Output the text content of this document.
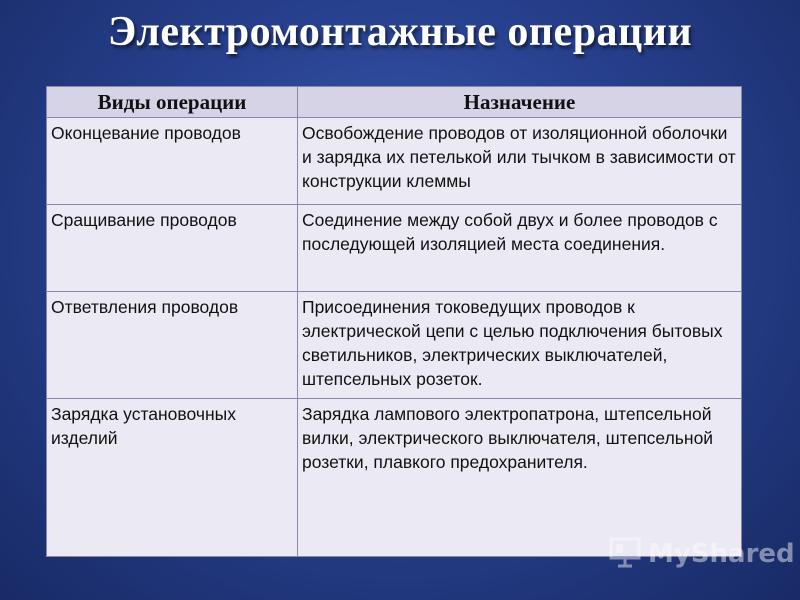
Электромонтажные операции
Виды операции	Назначение
Оконцевание проводов	Освобождение проводов от изоляционной оболочки и зарядка их петелькой или тычком в зависимости от конструкции клеммы
Сращивание проводов	Соединение между собой двух и более проводов с последующей изоляцией места соединения.
Ответвления проводов	Присоединения токоведущих проводов к электрической цепи с целью подключения бытовых светильников, электрических выключателей, штепсельных розеток.
Зарядка установочных изделий	Зарядка лампового электропатрона, штепсельной вилки, электрического выключателя, штепсельной розетки, плавкого предохранителя.
MyShared
